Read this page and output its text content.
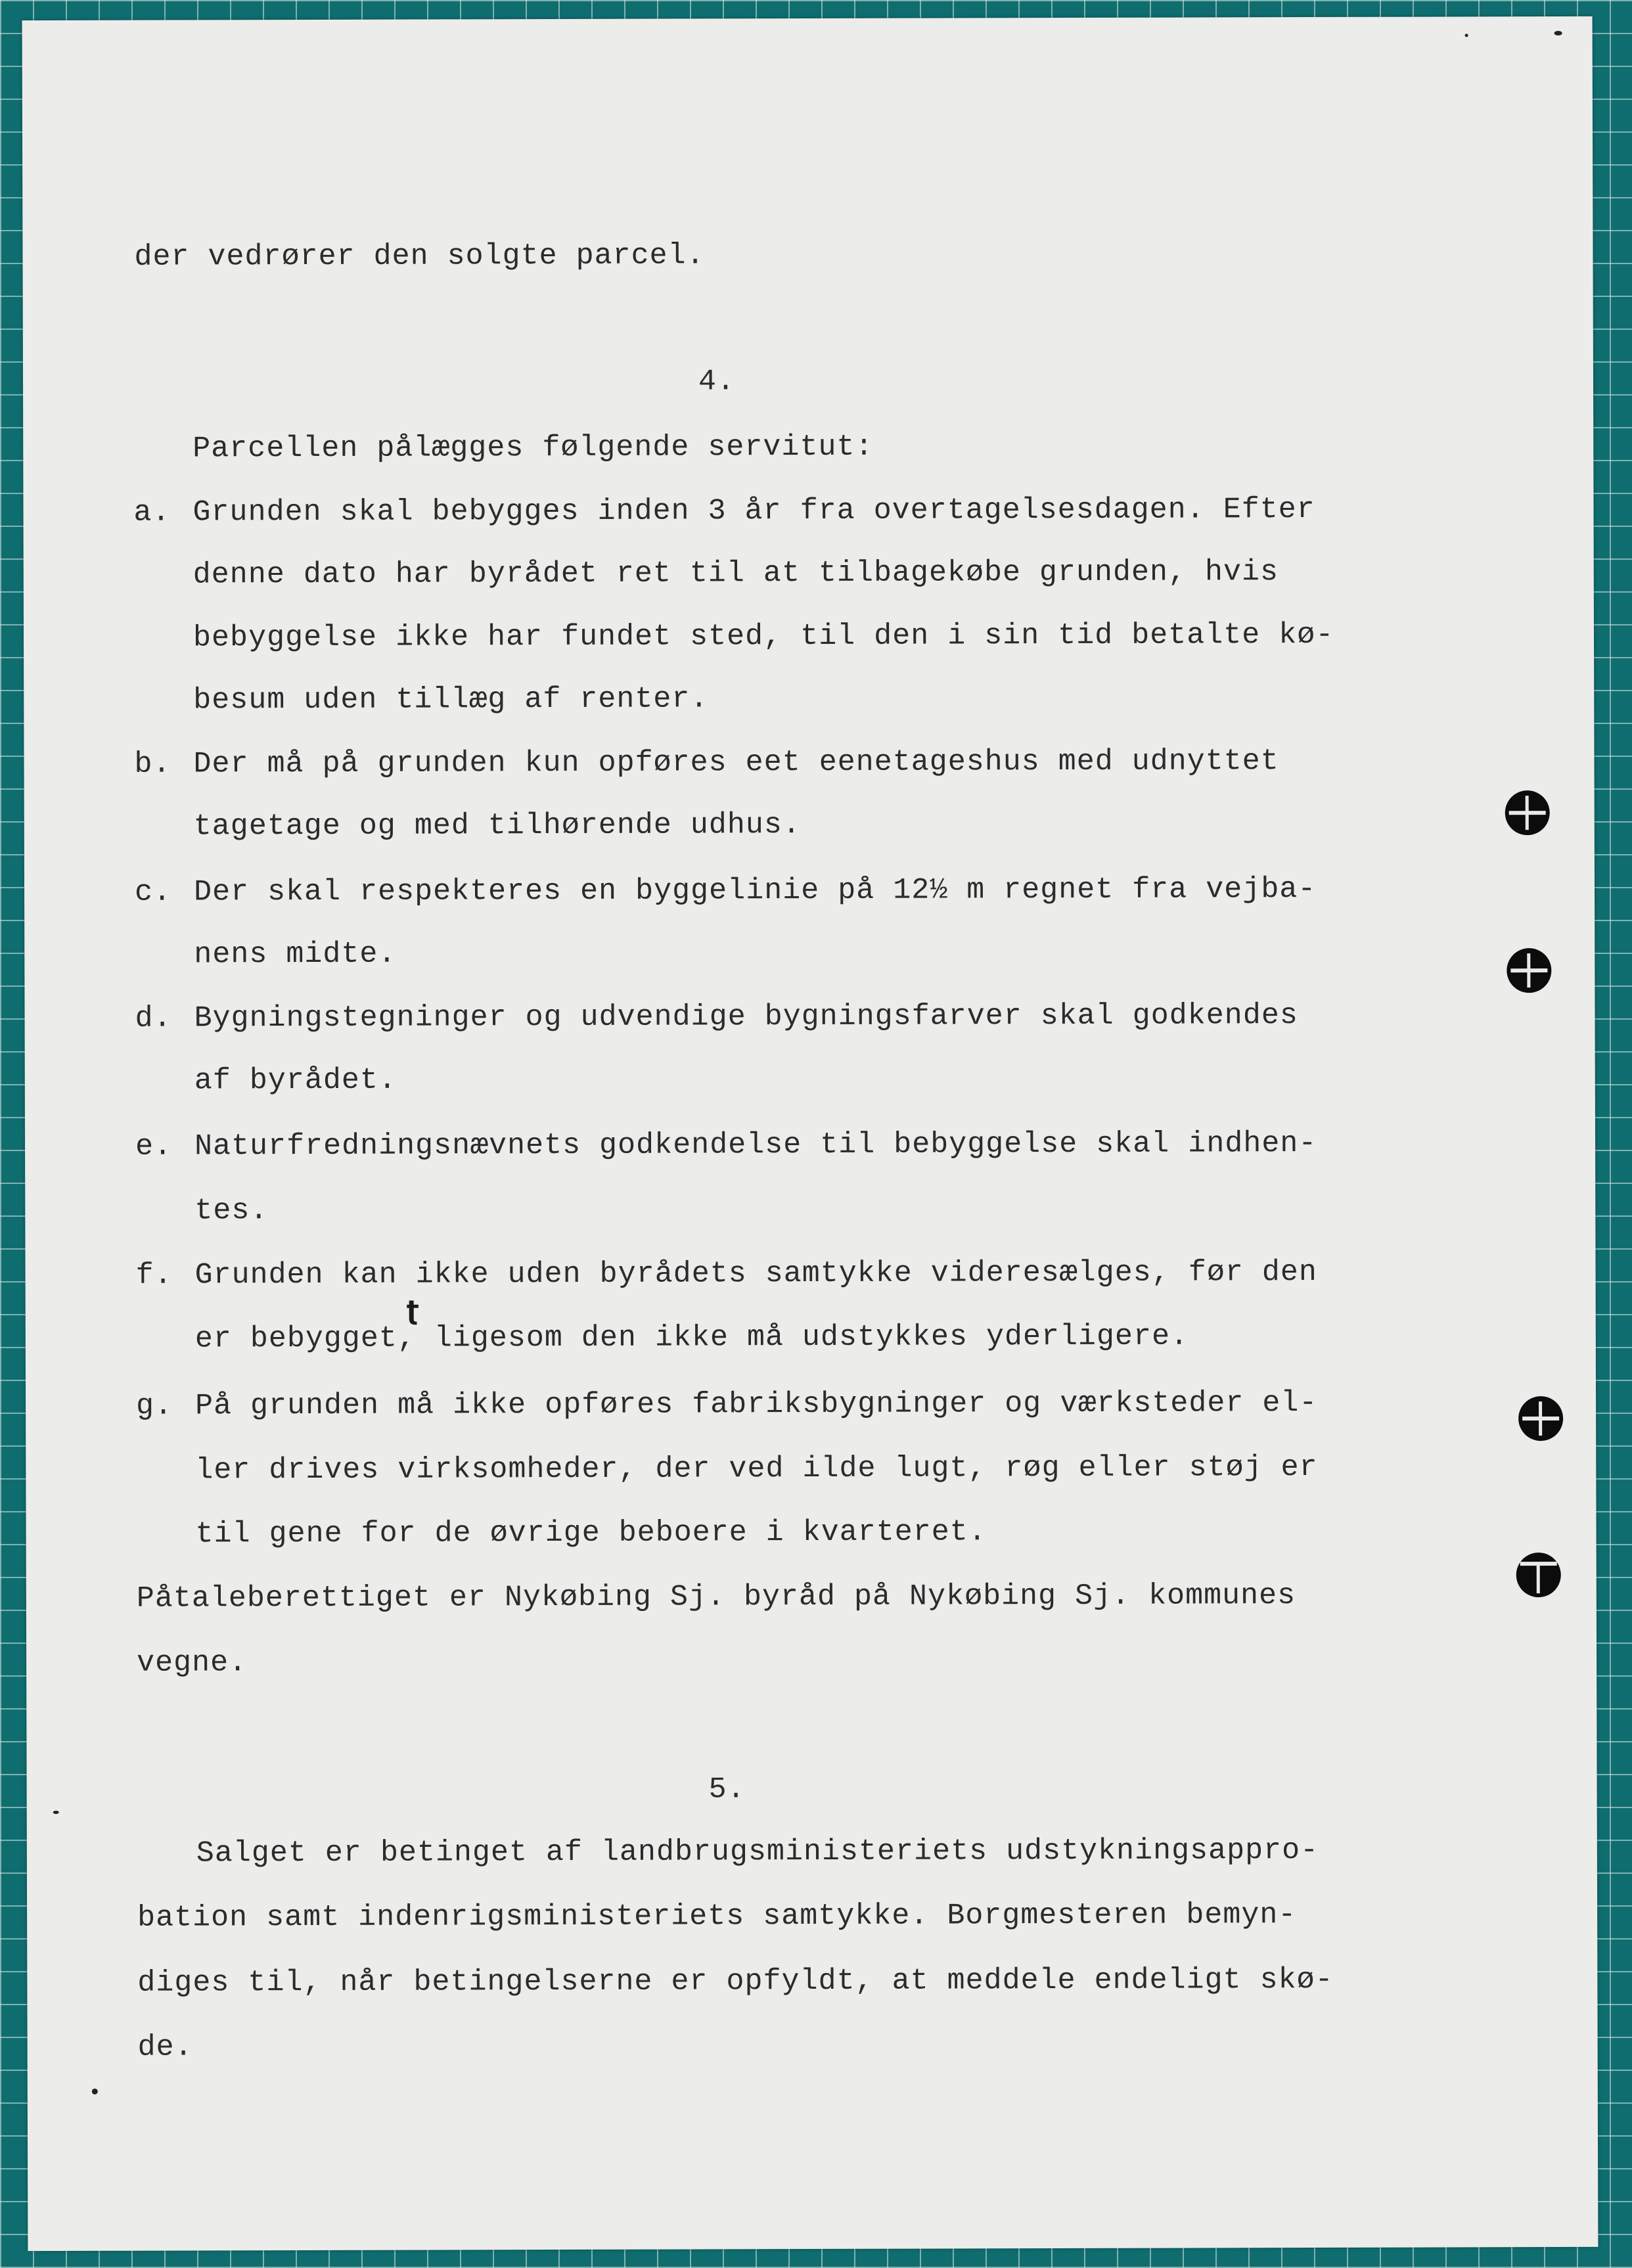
der vedrører den solgte parcel.
4.
Parcellen pålægges følgende servitut:
a. Grunden skal bebygges inden 3 år fra overtagelsesdagen. Efter
denne dato har byrådet ret til at tilbagekøbe grunden, hvis
bebyggelse ikke har fundet sted, til den i sin tid betalte kø-
besum uden tillæg af renter.
b. Der må på grunden kun opføres eet eenetageshus med udnyttet
tagetage og med tilhørende udhus.
c. Der skal respekteres en byggelinie på 12½ m regnet fra vejba-
nens midte.
d. Bygningstegninger og udvendige bygningsfarver skal godkendes
af byrådet.
e. Naturfredningsnævnets godkendelse til bebyggelse skal indhen-
tes.
f. Grunden kan ikke uden byrådets samtykke videresælges, før den
er bebygget, ligesom den ikke må udstykkes yderligere.
ʈ
g. På grunden må ikke opføres fabriksbygninger og værksteder el-
ler drives virksomheder, der ved ilde lugt, røg eller støj er
til gene for de øvrige beboere i kvarteret.
Påtaleberettiget er Nykøbing Sj. byråd på Nykøbing Sj. kommunes
vegne.
5.
Salget er betinget af landbrugsministeriets udstykningsappro-
bation samt indenrigsministeriets samtykke. Borgmesteren bemyn-
diges til, når betingelserne er opfyldt, at meddele endeligt skø-
de.
